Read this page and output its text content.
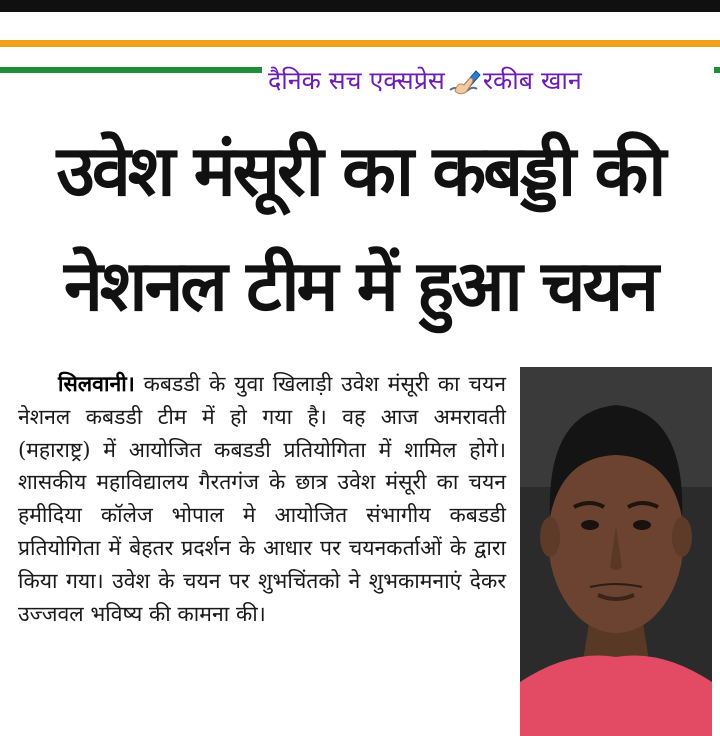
दैनिक सच एक्सप्रेस रकीब खान
उवेश मंसूरी का कबड्डी की
नेशनल टीम में हुआ चयन
सिलवानी। कबडडी के युवा खिलाड़ी उवेश मंसूरी का चयन नेशनल कबडडी टीम में हो गया है। वह आज अमरावती (महाराष्ट्र) में आयोजित कबडडी प्रतियोगिता में शामिल होगे। शासकीय महाविद्यालय गैरतगंज के छात्र उवेश मंसूरी का चयन हमीदिया कॉलेज भोपाल मे आयोजित संभागीय कबडडी प्रतियोगिता में बेहतर प्रदर्शन के आधार पर चयनकर्ताओं के द्वारा किया गया। उवेश के चयन पर शुभचिंतको ने शुभकामनाएं देकर उज्जवल भविष्य की कामना की।
